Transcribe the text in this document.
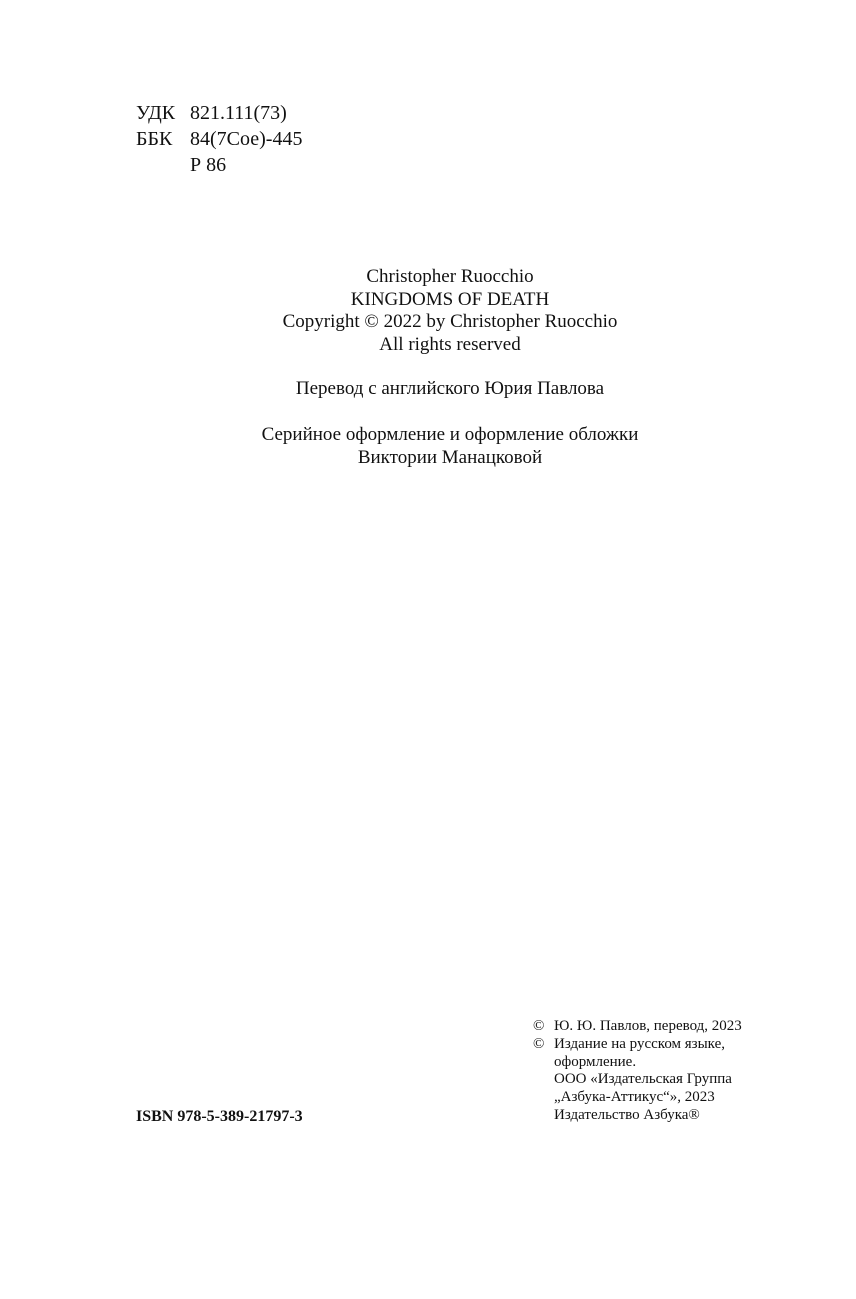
УДК 821.111(73)
ББК 84(7Сое)-445
Р 86
Christopher Ruocchio
KINGDOMS OF DEATH
Copyright © 2022 by Christopher Ruocchio
All rights reserved
Перевод с английского Юрия Павлова
Серийное оформление и оформление обложки
Виктории Манацковой
ISBN 978-5-389-21797-3
© Ю. Ю. Павлов, перевод, 2023
© Издание на русском языке,
оформление.
ООО «Издательская Группа
„Азбука-Аттикус“», 2023
Издательство Азбука®
